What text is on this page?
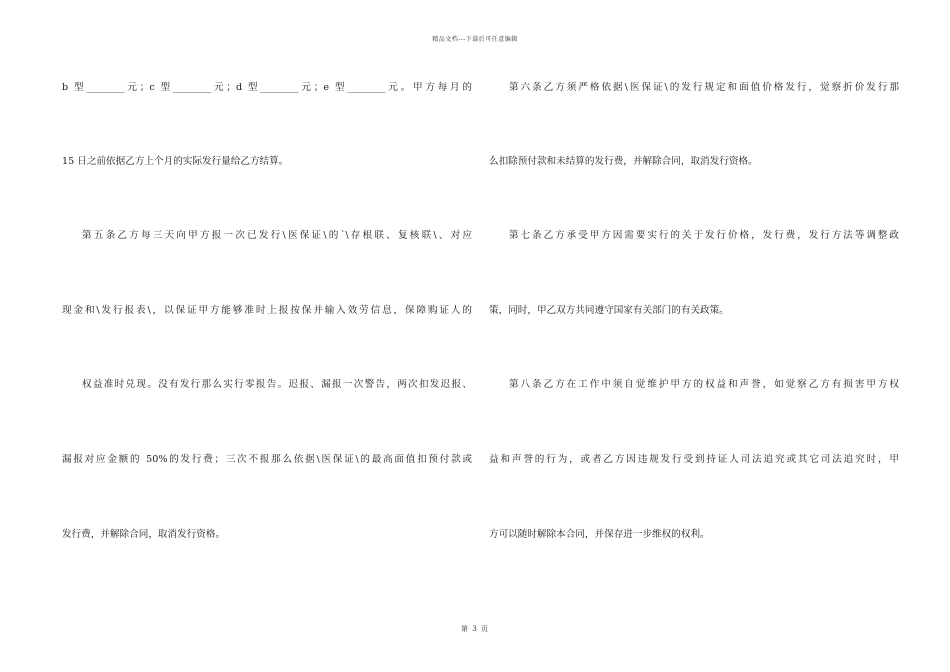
精品文档---下载后可任意编辑
b 型________元；c 型________元；d 型________元；e 型________元。甲方每月的
15 日之前依据乙方上个月的实际发行量给乙方结算。
第五条乙方每三天向甲方报一次已发行\医保证\的`\存根联、复核联\、对应
现金和\发行报表\，以保证甲方能够准时上报按保并输入效劳信息，保障购证人的
权益准时兑现。没有发行那么实行零报告。迟报、漏报一次警告，两次扣发迟报、
漏报对应金额的 50%的发行费；三次不报那么依据\医保证\的最高面值扣预付款或
发行费，并解除合同，取消发行资格。
第六条乙方须严格依据\医保证\的发行规定和面值价格发行，觉察折价发行那
么扣除预付款和未结算的发行费，并解除合同，取消发行资格。
第七条乙方承受甲方因需要实行的关于发行价格，发行费，发行方法等调整政
策，同时，甲乙双方共同遵守国家有关部门的有关政策。
第八条乙方在工作中须自觉维护甲方的权益和声誉，如觉察乙方有损害甲方权
益和声誉的行为，或者乙方因违规发行受到持证人司法追究或其它司法追究时，甲
方可以随时解除本合同，并保存进一步维权的权利。
第 3 页
